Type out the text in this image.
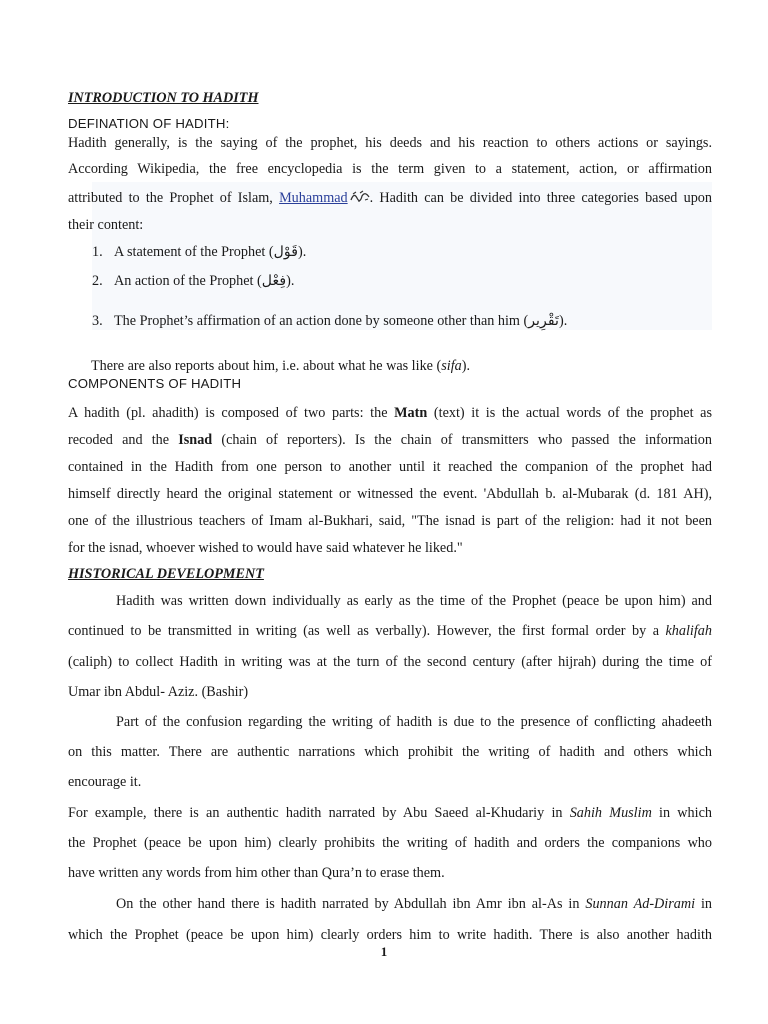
INTRODUCTION TO HADITH
DEFINATION OF HADITH:
Hadith generally, is the saying of the prophet, his deeds and his reaction to others actions or sayings.
According Wikipedia, the free encyclopedia is the term given to a statement, action, or affirmation
attributed to the Prophet of Islam, Muhammad . Hadith can be divided into three categories based upon
their content:
1. A statement of the Prophet (قَوْل).
2. An action of the Prophet (فِعْل).
3. The Prophet’s affirmation of an action done by someone other than him (تَقْرِير).
There are also reports about him, i.e. about what he was like (sifa).
COMPONENTS OF HADITH
A hadith (pl. ahadith) is composed of two parts: the Matn (text) it is the actual words of the prophet as
recoded and the Isnad (chain of reporters). Is the chain of transmitters who passed the information
contained in the Hadith from one person to another until it reached the companion of the prophet had
himself directly heard the original statement or witnessed the event. 'Abdullah b. al-Mubarak (d. 181 AH),
one of the illustrious teachers of Imam al-Bukhari, said, "The isnad is part of the religion: had it not been
for the isnad, whoever wished to would have said whatever he liked."
HISTORICAL DEVELOPMENT
Hadith was written down individually as early as the time of the Prophet (peace be upon him) and
continued to be transmitted in writing (as well as verbally). However, the first formal order by a khalifah
(caliph) to collect Hadith in writing was at the turn of the second century (after hijrah) during the time of
Umar ibn Abdul- Aziz. (Bashir)
Part of the confusion regarding the writing of hadith is due to the presence of conflicting ahadeeth
on this matter. There are authentic narrations which prohibit the writing of hadith and others which
encourage it.
For example, there is an authentic hadith narrated by Abu Saeed al-Khudariy in Sahih Muslim in which
the Prophet (peace be upon him) clearly prohibits the writing of hadith and orders the companions who
have written any words from him other than Qura’n to erase them.
On the other hand there is hadith narrated by Abdullah ibn Amr ibn al-As in Sunnan Ad-Dirami in
which the Prophet (peace be upon him) clearly orders him to write hadith. There is also another hadith
1
